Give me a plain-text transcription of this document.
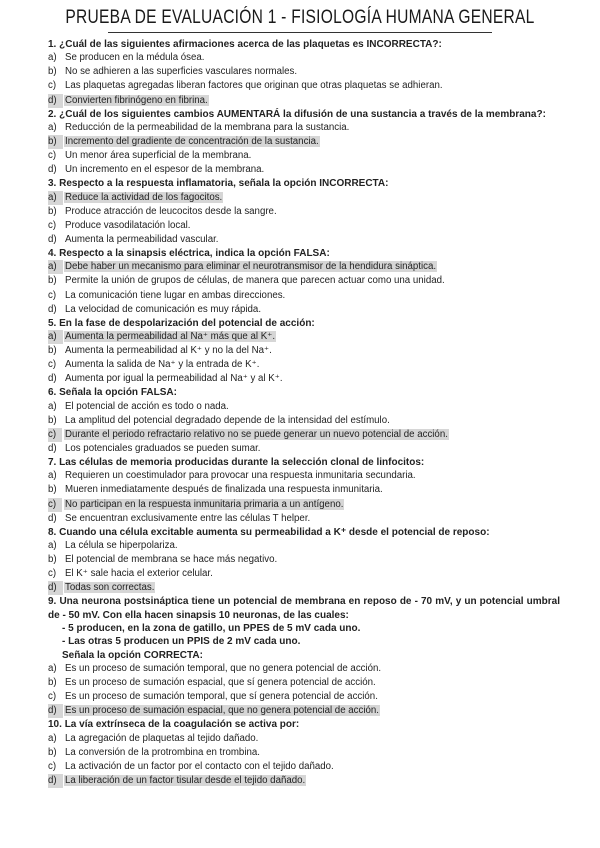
PRUEBA DE EVALUACIÓN 1 - FISIOLOGÍA HUMANA GENERAL
1. ¿Cuál de las siguientes afirmaciones acerca de las plaquetas es INCORRECTA?:
a) Se producen en la médula ósea.
b) No se adhieren a las superficies vasculares normales.
c) Las plaquetas agregadas liberan factores que originan que otras plaquetas se adhieran.
d) Convierten fibrinógeno en fibrina.
2. ¿Cuál de los siguientes cambios AUMENTARÁ la difusión de una sustancia a través de la membrana?:
a) Reducción de la permeabilidad de la membrana para la sustancia.
b) Incremento del gradiente de concentración de la sustancia.
c) Un menor área superficial de la membrana.
d) Un incremento en el espesor de la membrana.
3. Respecto a la respuesta inflamatoria, señala la opción INCORRECTA:
a) Reduce la actividad de los fagocitos.
b) Produce atracción de leucocitos desde la sangre.
c) Produce vasodilatación local.
d) Aumenta la permeabilidad vascular.
4. Respecto a la sinapsis eléctrica, indica la opción FALSA:
a) Debe haber un mecanismo para eliminar el neurotransmisor de la hendidura sináptica.
b) Permite la unión de grupos de células, de manera que parecen actuar como una unidad.
c) La comunicación tiene lugar en ambas direcciones.
d) La velocidad de comunicación es muy rápida.
5. En la fase de despolarización del potencial de acción:
a) Aumenta la permeabilidad al Na⁺ más que al K⁺.
b) Aumenta la permeabilidad al K⁺ y no la del Na⁺.
c) Aumenta la salida de Na⁺ y la entrada de K⁺.
d) Aumenta por igual la permeabilidad al Na⁺ y al K⁺.
6. Señala la opción FALSA:
a) El potencial de acción es todo o nada.
b) La amplitud del potencial degradado depende de la intensidad del estímulo.
c) Durante el periodo refractario relativo no se puede generar un nuevo potencial de acción.
d) Los potenciales graduados se pueden sumar.
7. Las células de memoria producidas durante la selección clonal de linfocitos:
a) Requieren un coestimulador para provocar una respuesta inmunitaria secundaria.
b) Mueren inmediatamente después de finalizada una respuesta inmunitaria.
c) No participan en la respuesta inmunitaria primaria a un antígeno.
d) Se encuentran exclusivamente entre las células T helper.
8. Cuando una célula excitable aumenta su permeabilidad a K⁺ desde el potencial de reposo:
a) La célula se hiperpolariza.
b) El potencial de membrana se hace más negativo.
c) El K⁺ sale hacia el exterior celular.
d) Todas son correctas.
9. Una neurona postsináptica tiene un potencial de membrana en reposo de - 70 mV, y un potencial umbral de - 50 mV. Con ella hacen sinapsis 10 neuronas, de las cuales:
- 5 producen, en la zona de gatillo, un PPES de 5 mV cada uno.
- Las otras 5 producen un PPIS de 2 mV cada uno.
Señala la opción CORRECTA:
a) Es un proceso de sumación temporal, que no genera potencial de acción.
b) Es un proceso de sumación espacial, que sí genera potencial de acción.
c) Es un proceso de sumación temporal, que sí genera potencial de acción.
d) Es un proceso de sumación espacial, que no genera potencial de acción.
10. La vía extrínseca de la coagulación se activa por:
a) La agregación de plaquetas al tejido dañado.
b) La conversión de la protrombina en trombina.
c) La activación de un factor por el contacto con el tejido dañado.
d) La liberación de un factor tisular desde el tejido dañado.
